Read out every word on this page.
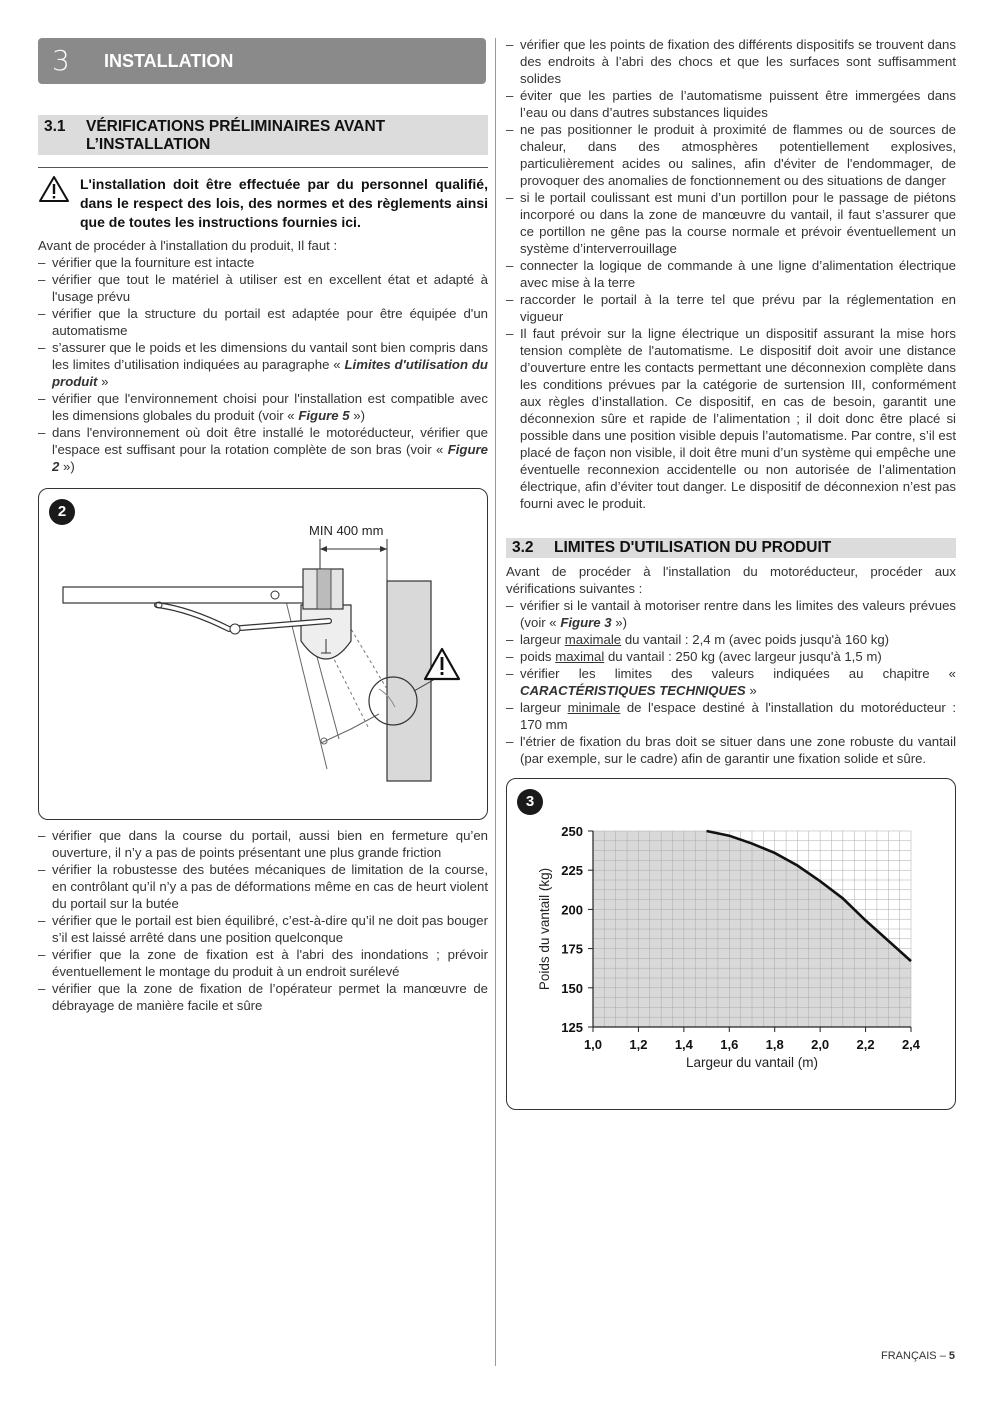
3 INSTALLATION
3.1 VÉRIFICATIONS PRÉLIMINAIRES AVANT
L’INSTALLATION

L'installation doit être effectuée par du personnel qualifié, dans le respect des lois, des normes et des règlements ainsi que de toutes les instructions fournies ici.

Avant de procéder à l'installation du produit, Il faut :

– vérifier que la fourniture est intacte
– vérifier que tout le matériel à utiliser est en excellent état et adapté à l'usage prévu
– vérifier que la structure du portail est adaptée pour être équipée d'un automatisme
– s’assurer que le poids et les dimensions du vantail sont bien compris dans les limites d’utilisation indiquées au paragraphe « Limites d'utilisation du produit »
– vérifier que l'environnement choisi pour l'installation est compatible avec les dimensions globales du produit (voir « Figure 5 »)
– dans l'environnement où doit être installé le motoréducteur, vérifier que l'espace est suffisant pour la rotation complète de son bras (voir « Figure 2 »)
2
MIN 400 mm
– vérifier que dans la course du portail, aussi bien en fermeture qu’en ouverture, il n’y a pas de points présentant une plus grande friction
– vérifier la robustesse des butées mécaniques de limitation de la course, en contrôlant qu’il n’y a pas de déformations même en cas de heurt violent du portail sur la butée
– vérifier que le portail est bien équilibré, c’est-à-dire qu’il ne doit pas bouger s’il est laissé arrêté dans une position quelconque
– vérifier que la zone de fixation est à l'abri des inondations ; prévoir éventuellement le montage du produit à un endroit surélevé
– vérifier que la zone de fixation de l’opérateur permet la manœuvre de débrayage de manière facile et sûre
– vérifier que les points de fixation des différents dispositifs se trouvent dans des endroits à l’abri des chocs et que les surfaces sont suffisamment solides
– éviter que les parties de l’automatisme puissent être immergées dans l’eau ou dans d’autres substances liquides
– ne pas positionner le produit à proximité de flammes ou de sources de chaleur, dans des atmosphères potentiellement explosives, particulièrement acides ou salines, afin d'éviter de l'endommager, de provoquer des anomalies de fonctionnement ou des situations de danger
– si le portail coulissant est muni d’un portillon pour le passage de piétons incorporé ou dans la zone de manœuvre du vantail, il faut s’assurer que ce portillon ne gêne pas la course normale et prévoir éventuellement un système d’interverrouillage
– connecter la logique de commande à une ligne d’alimentation électrique avec mise à la terre
– raccorder le portail à la terre tel que prévu par la réglementation en vigueur
– Il faut prévoir sur la ligne électrique un dispositif assurant la mise hors tension complète de l'automatisme. Le dispositif doit avoir une distance d’ouverture entre les contacts permettant une déconnexion complète dans les conditions prévues par la catégorie de surtension III, conformément aux règles d’installation. Ce dispositif, en cas de besoin, garantit une déconnexion sûre et rapide de l’alimentation ; il doit donc être placé si possible dans une position visible depuis l’automatisme. Par contre, s’il est placé de façon non visible, il doit être muni d’un système qui empêche une éventuelle reconnexion accidentelle ou non autorisée de l’alimentation électrique, afin d’éviter tout danger. Le dispositif de déconnexion n’est pas fourni avec le produit.
3.2 LIMITES D'UTILISATION DU PRODUIT

Avant de procéder à l'installation du motoréducteur, procéder aux vérifications suivantes :

– vérifier si le vantail à motoriser rentre dans les limites des valeurs prévues (voir « Figure 3 »)
– largeur maximale du vantail : 2,4 m (avec poids jusqu'à 160 kg)
– poids maximal du vantail : 250 kg (avec largeur jusqu'à 1,5 m)
– vérifier les limites des valeurs indiquées au chapitre « CARACTÉRISTIQUES TECHNIQUES »
– largeur minimale de l'espace destiné à l'installation du motoréducteur : 170 mm
– l'étrier de fixation du bras doit se situer dans une zone robuste du vantail (par exemple, sur le cadre) afin de garantir une fixation solide et sûre.
3
1,0 1,2 1,4 1,6 1,8 2,0 2,2 2,4
125
150
175
200
225
250
Largeur du vantail (m)
Poids du vantail (kg)
FRANÇAIS – 5
